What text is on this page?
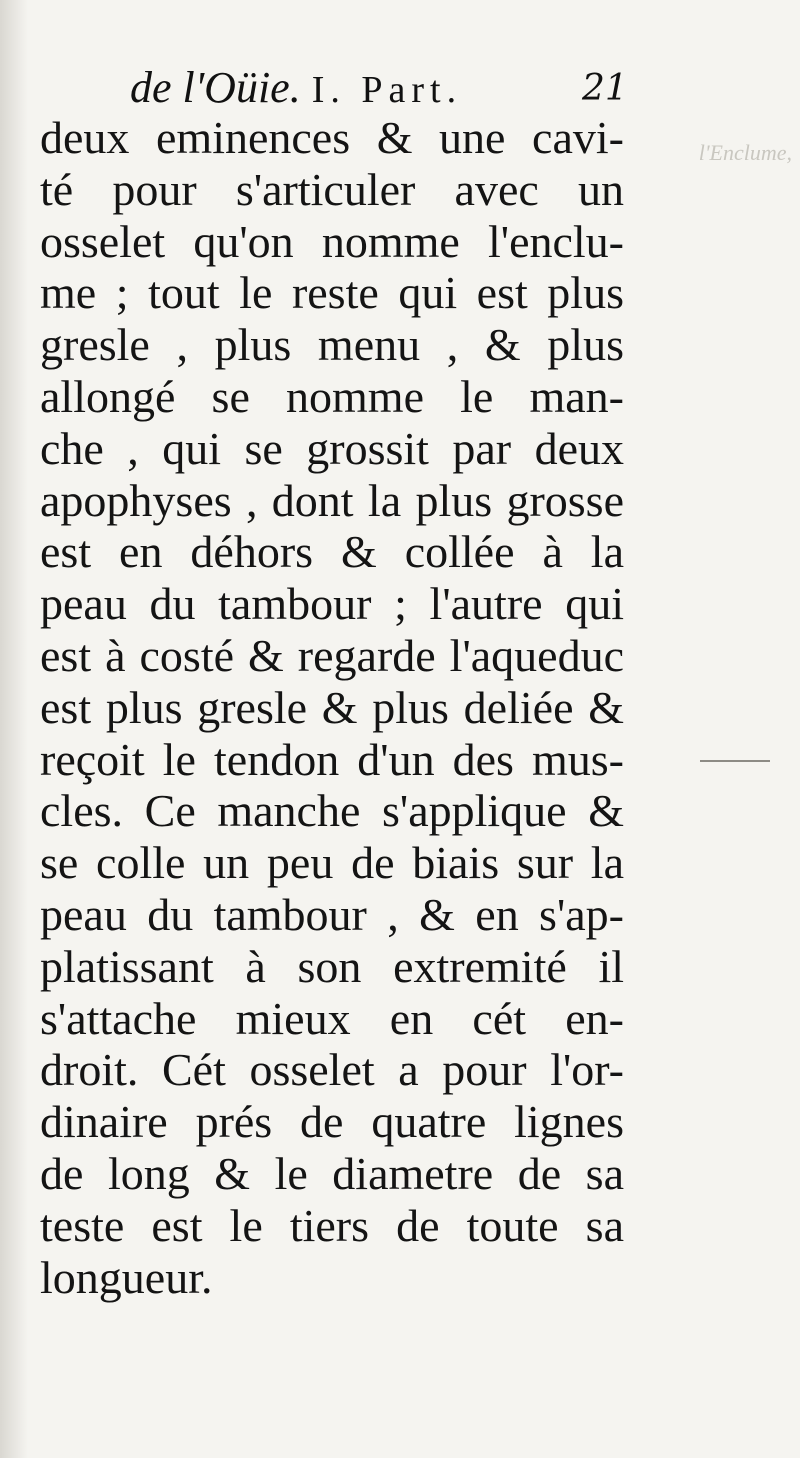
de l'Oüie. I. Part.	21
l'Enclume,
deux eminences & une cavi-
té pour s'articuler avec un
osselet qu'on nomme l'enclu-
me ; tout le reste qui est plus
gresle , plus menu , & plus
allongé se nomme le man-
che , qui se grossit par deux
apophyses , dont la plus grosse
est en déhors & collée à la
peau du tambour ; l'autre qui
est à costé & regarde l'aqueduc
est plus gresle & plus deliée &
reçoit le tendon d'un des mus-
cles. Ce manche s'applique &
se colle un peu de biais sur la
peau du tambour , & en s'ap-
platissant à son extremité il
s'attache mieux en cét en-
droit. Cét osselet a pour l'or-
dinaire prés de quatre lignes
de long & le diametre de sa
teste est le tiers de toute sa
longueur.
